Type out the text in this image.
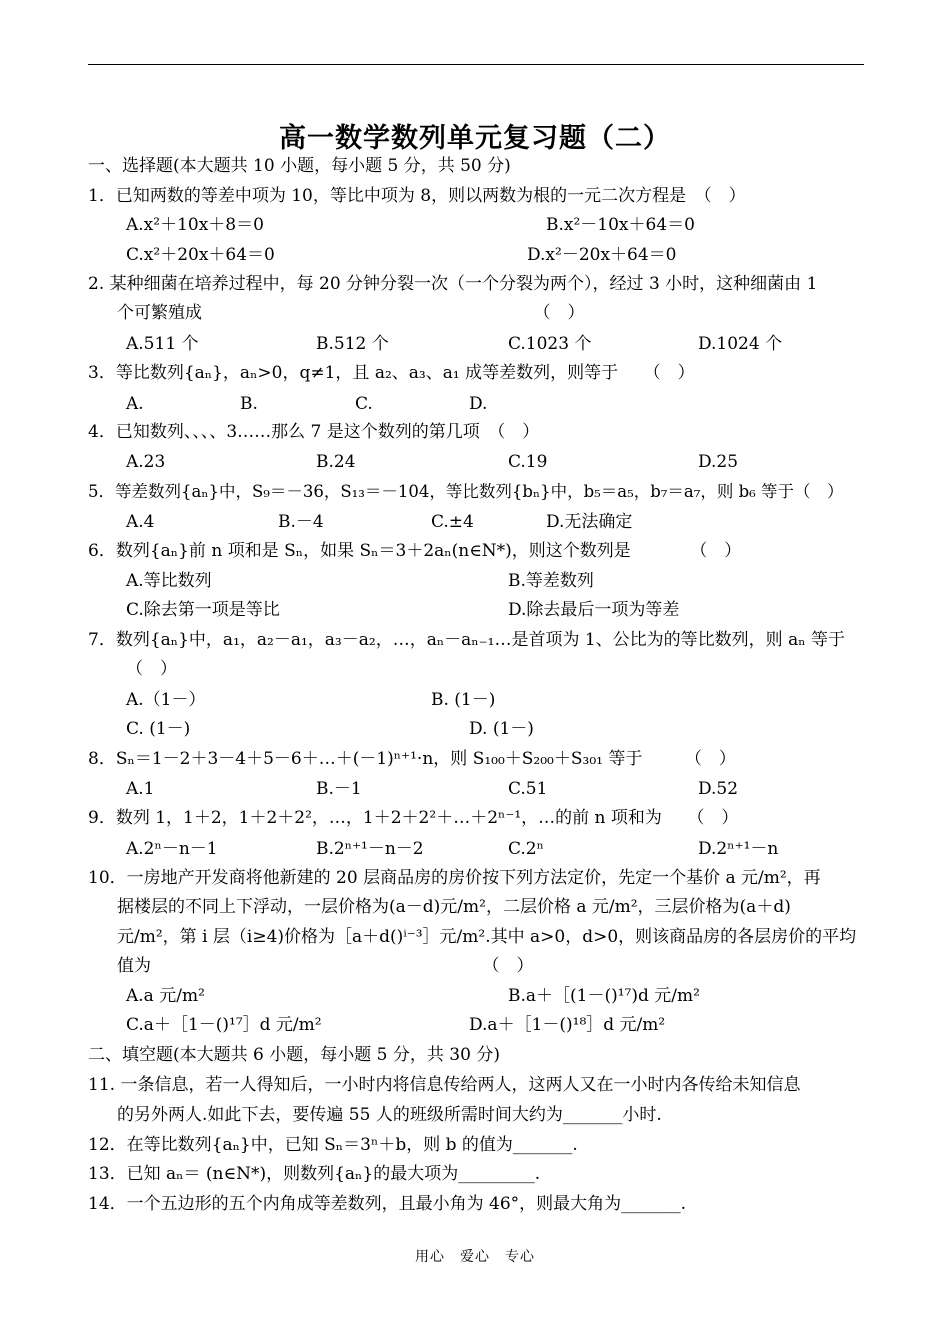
高一数学数列单元复习题（二）
一、选择题(本大题共 10 小题，每小题 5 分，共 50 分)
1．已知两数的等差中项为 10，等比中项为 8，则以两数为根的一元二次方程是　（　）
A.x²＋10x＋8＝0	B.x²－10x＋64＝0
C.x²＋20x＋64＝0	D.x²－20x＋64＝0
2. 某种细菌在培养过程中，每 20 分钟分裂一次（一个分裂为两个），经过 3 小时，这种细菌由 1
个可繁殖成　　　　　　　　　　　　　　　　　　　　（　）
A.511 个	B.512 个	C.1023 个	D.1024 个
3．等比数列{aₙ}，aₙ>0，q≠1，且 a₂、a₃、a₁ 成等差数列，则等于　　（　）
A.	B.	C.	D.
4．已知数列、、、、3……那么 7 是这个数列的第几项　（　）
A.23	B.24	C.19	D.25
5．等差数列{aₙ}中，S₉＝－36，S₁₃＝－104，等比数列{bₙ}中，b₅＝a₅，b₇＝a₇，则 b₆ 等于（　）
A.4	B.－4	C.±4	D.无法确定
6．数列{aₙ}前 n 项和是 Sₙ，如果 Sₙ＝3＋2aₙ(n∈N*)，则这个数列是　　　　（　）
A.等比数列	B.等差数列
C.除去第一项是等比	D.除去最后一项为等差
7．数列{aₙ}中，a₁，a₂－a₁，a₃－a₂，…，aₙ－aₙ₋₁…是首项为 1、公比为的等比数列，则 aₙ 等于
（　）
A.（1－）	B. (1－)
C. (1－)	D. (1－)
8．Sₙ＝1－2＋3－4＋5－6＋…＋(－1)ⁿ⁺¹·n，则 S₁₀₀＋S₂₀₀＋S₃₀₁ 等于　　　（　）
A.1	B.－1	C.51	D.52
9．数列 1，1＋2，1＋2＋2²，…，1＋2＋2²＋…＋2ⁿ⁻¹，…的前 n 项和为　　（　）
A.2ⁿ－n－1	B.2ⁿ⁺¹－n－2	C.2ⁿ	D.2ⁿ⁺¹－n
10．一房地产开发商将他新建的 20 层商品房的房价按下列方法定价，先定一个基价 a 元/m²，再
据楼层的不同上下浮动，一层价格为(a－d)元/m²，二层价格 a 元/m²，三层价格为(a＋d)
元/m²，第 i 层（i≥4)价格为［a＋d()ⁱ⁻³］元/m².其中 a>0，d>0，则该商品房的各层房价的平均
值为　　　　　　　　　　　　　　　　　　　　（　）
A.a 元/m²	B.a＋［(1－()¹⁷)d 元/m²
C.a＋［1－()¹⁷］d 元/m²	D.a＋［1－()¹⁸］d 元/m²
二、填空题(本大题共 6 小题，每小题 5 分，共 30 分)
11. 一条信息，若一人得知后，一小时内将信息传给两人，这两人又在一小时内各传给未知信息
的另外两人.如此下去，要传遍 55 人的班级所需时间大约为_______小时.
12．在等比数列{aₙ}中，已知 Sₙ＝3ⁿ＋b，则 b 的值为_______.
13．已知 aₙ＝ (n∈N*)，则数列{aₙ}的最大项为_________.
14．一个五边形的五个内角成等差数列，且最小角为 46°，则最大角为_______.
用心　爱心　专心
